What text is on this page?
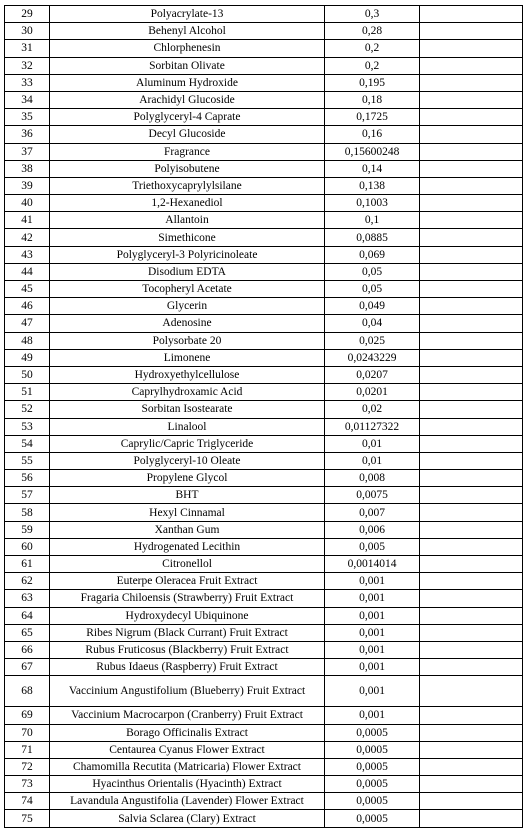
29	Polyacrylate-13	0,3	
30	Behenyl Alcohol	0,28	
31	Chlorphenesin	0,2	
32	Sorbitan Olivate	0,2	
33	Aluminum Hydroxide	0,195	
34	Arachidyl Glucoside	0,18	
35	Polyglyceryl-4 Caprate	0,1725	
36	Decyl Glucoside	0,16	
37	Fragrance	0,15600248	
38	Polyisobutene	0,14	
39	Triethoxycaprylylsilane	0,138	
40	1,2-Hexanediol	0,1003	
41	Allantoin	0,1	
42	Simethicone	0,0885	
43	Polyglyceryl-3 Polyricinoleate	0,069	
44	Disodium EDTA	0,05	
45	Tocopheryl Acetate	0,05	
46	Glycerin	0,049	
47	Adenosine	0,04	
48	Polysorbate 20	0,025	
49	Limonene	0,0243229	
50	Hydroxyethylcellulose	0,0207	
51	Caprylhydroxamic Acid	0,0201	
52	Sorbitan Isostearate	0,02	
53	Linalool	0,01127322	
54	Caprylic/Capric Triglyceride	0,01	
55	Polyglyceryl-10 Oleate	0,01	
56	Propylene Glycol	0,008	
57	BHT	0,0075	
58	Hexyl Cinnamal	0,007	
59	Xanthan Gum	0,006	
60	Hydrogenated Lecithin	0,005	
61	Citronellol	0,0014014	
62	Euterpe Oleracea Fruit Extract	0,001	
63	Fragaria Chiloensis (Strawberry) Fruit Extract	0,001	
64	Hydroxydecyl Ubiquinone	0,001	
65	Ribes Nigrum (Black Currant) Fruit Extract	0,001	
66	Rubus Fruticosus (Blackberry) Fruit Extract	0,001	
67	Rubus Idaeus (Raspberry) Fruit Extract	0,001	
68	Vaccinium Angustifolium (Blueberry) Fruit Extract	0,001	
69	Vaccinium Macrocarpon (Cranberry) Fruit Extract	0,001	
70	Borago Officinalis Extract	0,0005	
71	Centaurea Cyanus Flower Extract	0,0005	
72	Chamomilla Recutita (Matricaria) Flower Extract	0,0005	
73	Hyacinthus Orientalis (Hyacinth) Extract	0,0005	
74	Lavandula Angustifolia (Lavender) Flower Extract	0,0005	
75	Salvia Sclarea (Clary) Extract	0,0005	
